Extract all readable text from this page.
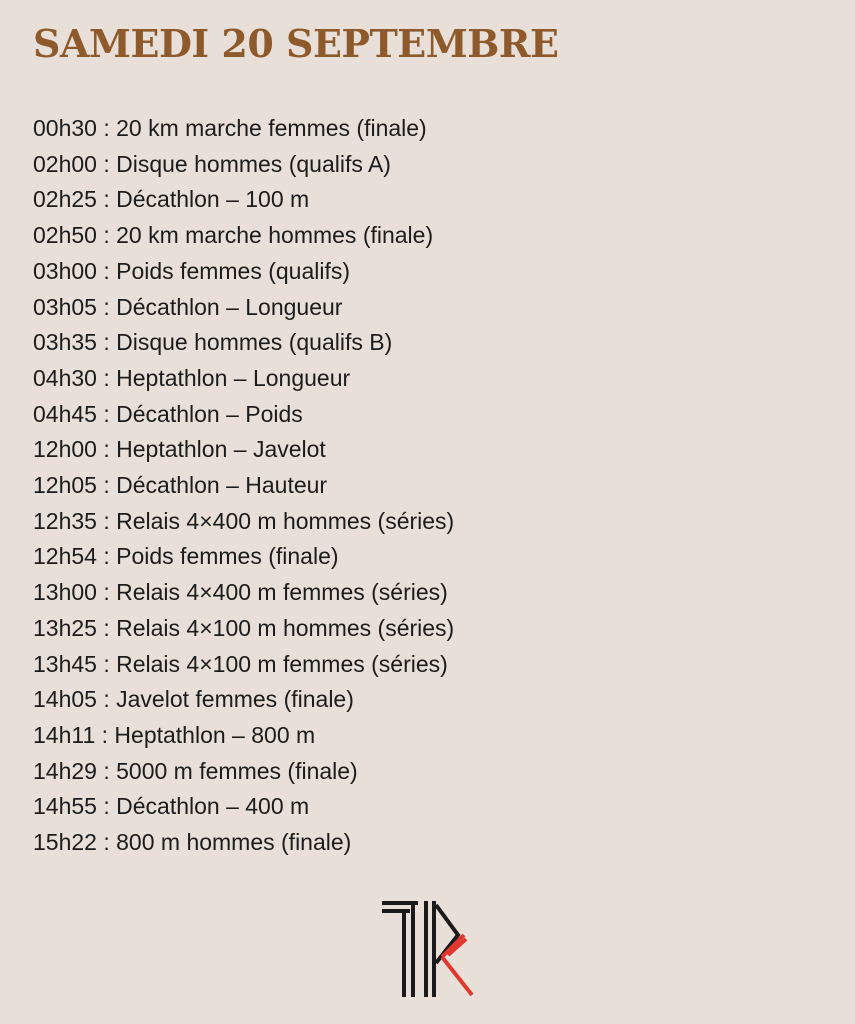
SAMEDI 20 SEPTEMBRE
00h30 : 20 km marche femmes (finale)
02h00 : Disque hommes (qualifs A)
02h25 : Décathlon – 100 m
02h50 : 20 km marche hommes (finale)
03h00 : Poids femmes (qualifs)
03h05 : Décathlon – Longueur
03h35 : Disque hommes (qualifs B)
04h30 : Heptathlon – Longueur
04h45 : Décathlon – Poids
12h00 : Heptathlon – Javelot
12h05 : Décathlon – Hauteur
12h35 : Relais 4×400 m hommes (séries)
12h54 : Poids femmes (finale)
13h00 : Relais 4×400 m femmes (séries)
13h25 : Relais 4×100 m hommes (séries)
13h45 : Relais 4×100 m femmes (séries)
14h05 : Javelot femmes (finale)
14h11 : Heptathlon – 800 m
14h29 : 5000 m femmes (finale)
14h55 : Décathlon – 400 m
15h22 : 800 m hommes (finale)
